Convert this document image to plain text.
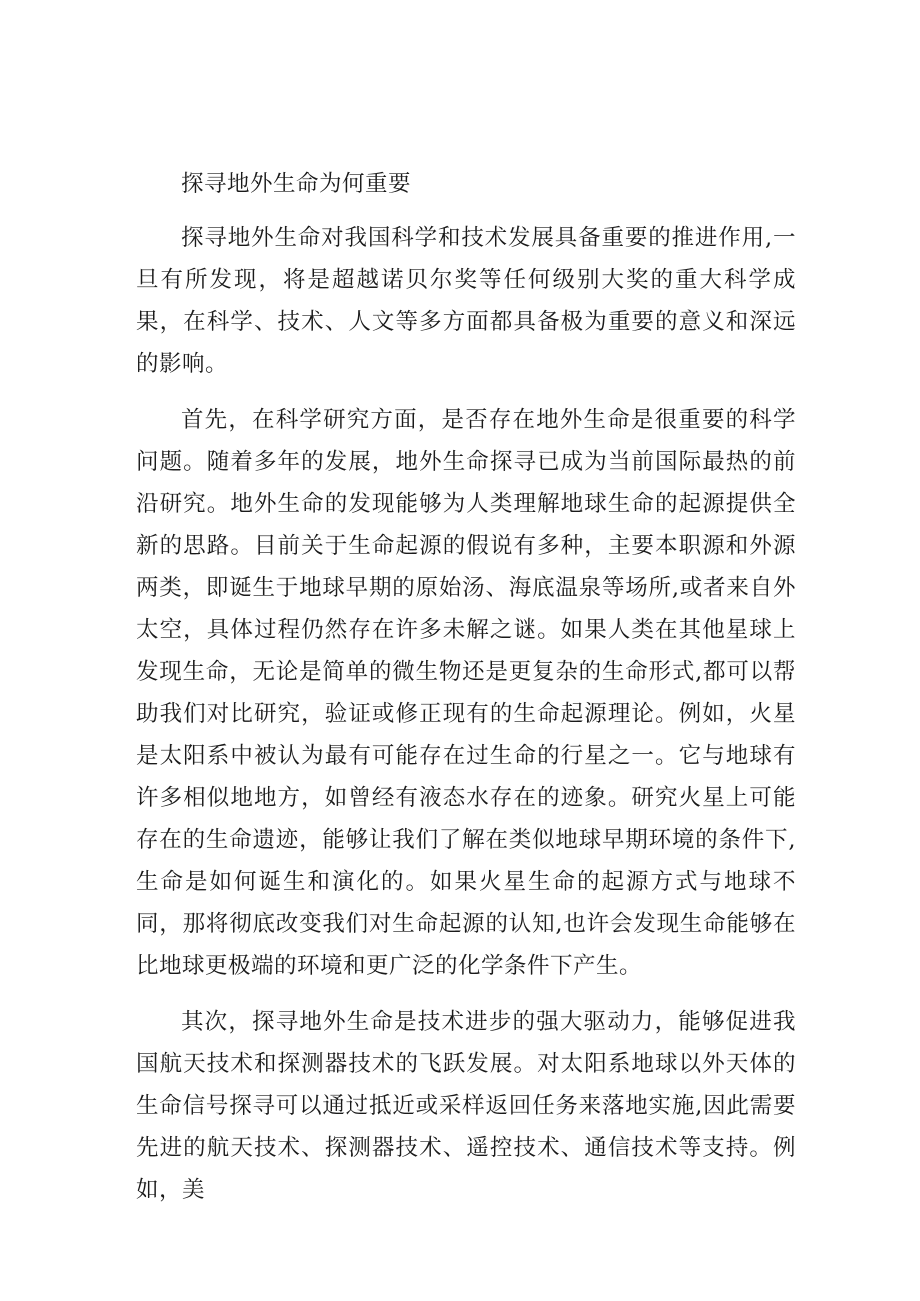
探寻地外生命为何重要

探寻地外生命对我国科学和技术发展具备重要的推进作用,一旦有所发现，将是超越诺贝尔奖等任何级别大奖的重大科学成果，在科学、技术、人文等多方面都具备极为重要的意义和深远的影响。

首先，在科学研究方面，是否存在地外生命是很重要的科学问题。随着多年的发展，地外生命探寻已成为当前国际最热的前沿研究。地外生命的发现能够为人类理解地球生命的起源提供全新的思路。目前关于生命起源的假说有多种，主要本职源和外源两类，即诞生于地球早期的原始汤、海底温泉等场所,或者来自外太空，具体过程仍然存在许多未解之谜。如果人类在其他星球上发现生命，无论是简单的微生物还是更复杂的生命形式,都可以帮助我们对比研究，验证或修正现有的生命起源理论。例如，火星是太阳系中被认为最有可能存在过生命的行星之一。它与地球有许多相似地地方，如曾经有液态水存在的迹象。研究火星上可能存在的生命遗迹，能够让我们了解在类似地球早期环境的条件下,生命是如何诞生和演化的。如果火星生命的起源方式与地球不同，那将彻底改变我们对生命起源的认知,也许会发现生命能够在比地球更极端的环境和更广泛的化学条件下产生。

其次，探寻地外生命是技术进步的强大驱动力，能够促进我国航天技术和探测器技术的飞跃发展。对太阳系地球以外天体的生命信号探寻可以通过抵近或采样返回任务来落地实施,因此需要先进的航天技术、探测器技术、遥控技术、通信技术等支持。例如，美
